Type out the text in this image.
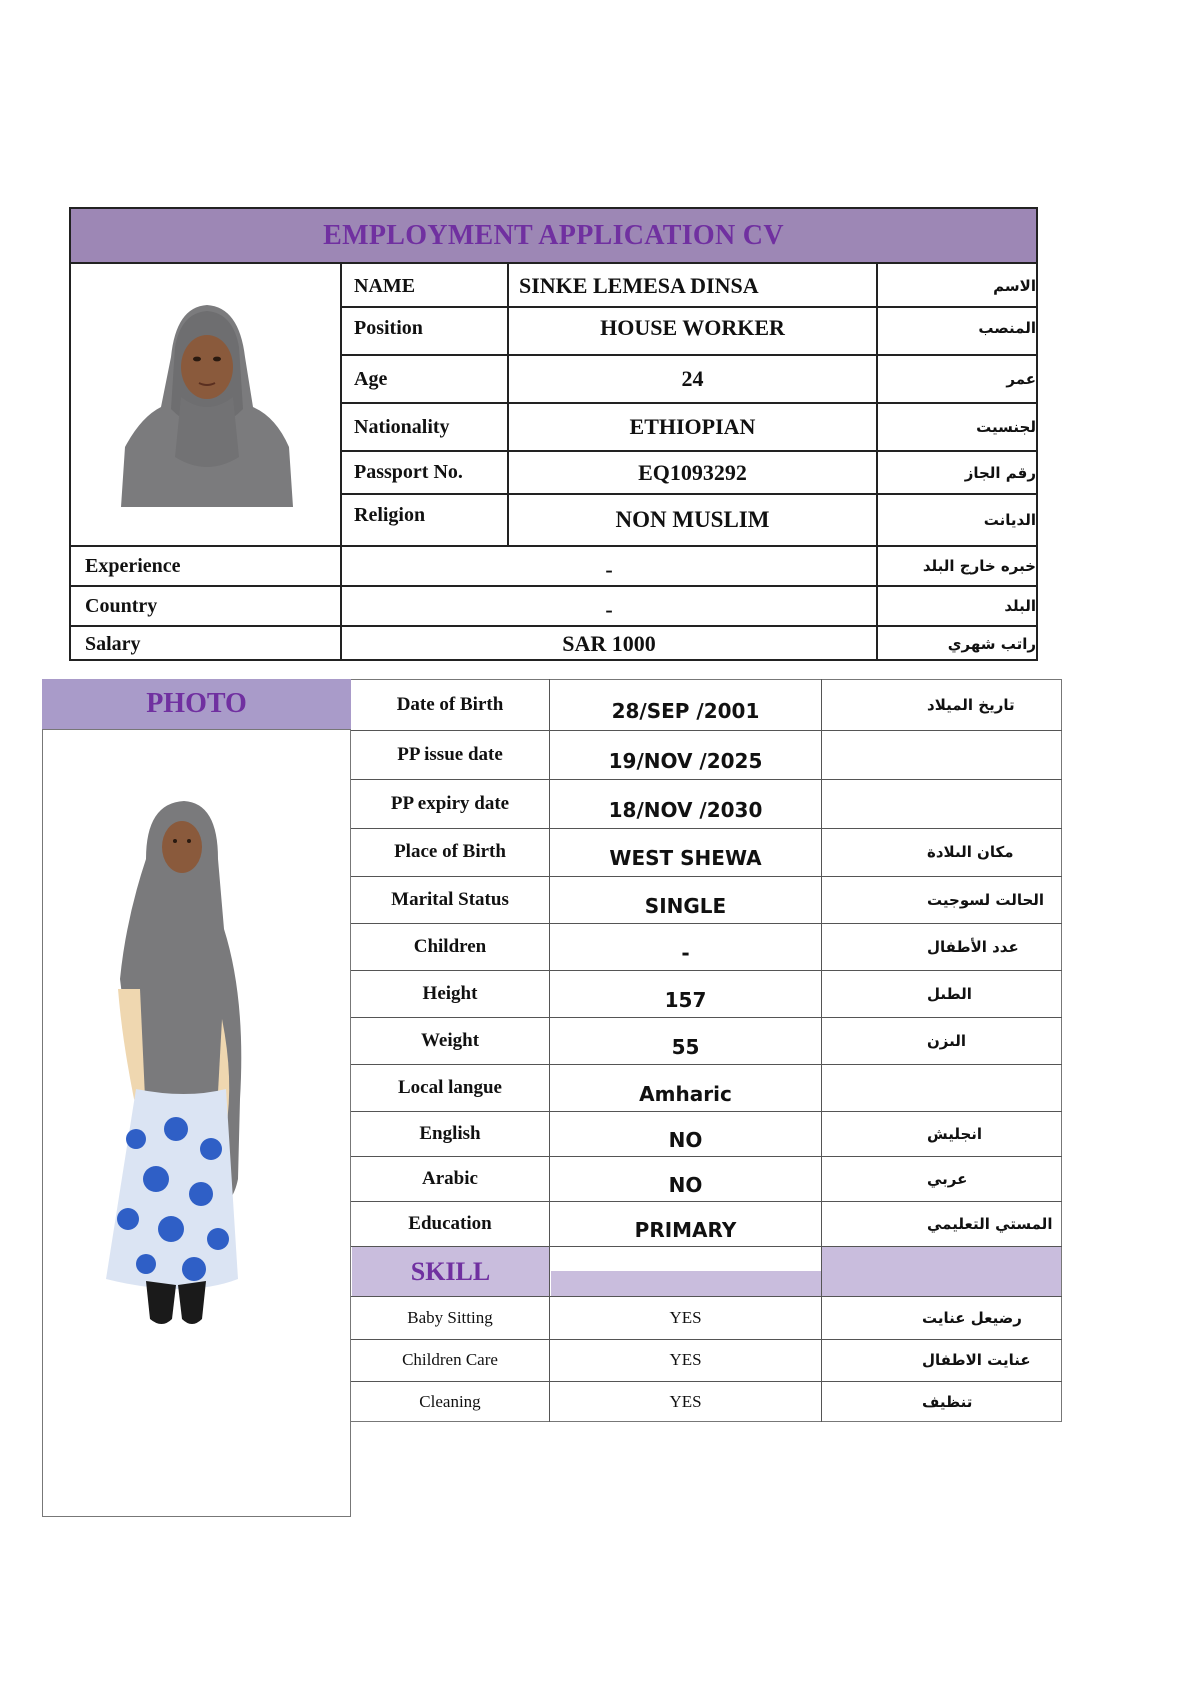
EMPLOYMENT APPLICATION CV
NAME	SINKE LEMESA DINSA	الاسم
Position	HOUSE WORKER	المنصب
Age	24	عمر
Nationality	ETHIOPIAN	لجنسيت
Passport No.	EQ1093292	رقم الجاز
Religion	NON MUSLIM	الديانت
Experience	-	خبره خارج البلد
Country	-	البلد
Salary	SAR 1000	راتب شهري
PHOTO
SKILL
Date of Birth	28/SEP /2001	تاريخ الميلاد
PP issue date	19/NOV /2025
PP expiry date	18/NOV /2030
Place of Birth	WEST SHEWA	مكان الىلادة
Marital Status	SINGLE	الحالت لسوجيت
Children	-	عدد الأطفال
Height	157	الطىل
Weight	55	الىزن
Local langue	Amharic
English	NO	انجليش
Arabic	NO	عربي
Education	PRIMARY	المستي التعليمي
Baby Sitting	YES	رضيعل عنايت
Children Care	YES	عنايت الاطفال
Cleaning	YES	تنظيف
